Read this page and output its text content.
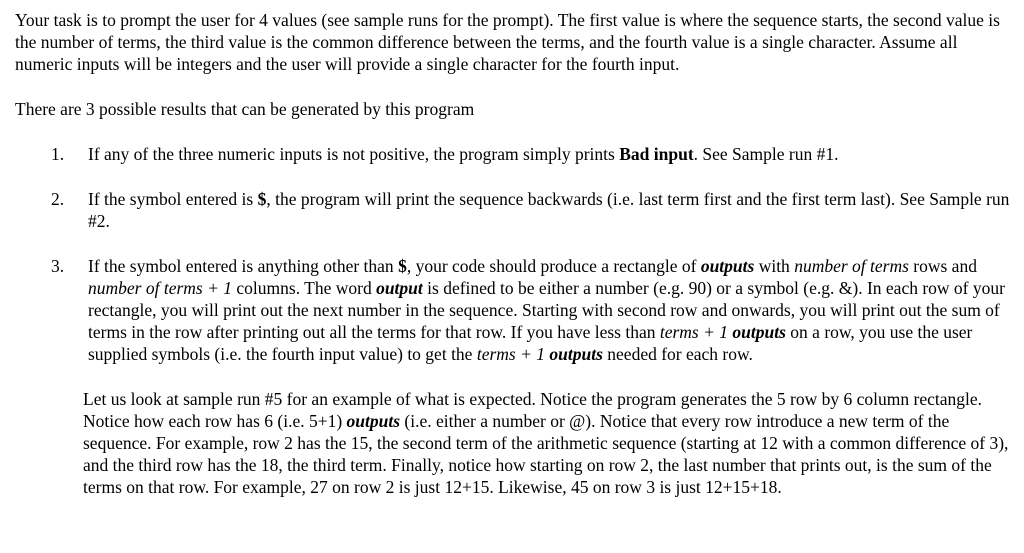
Your task is to prompt the user for 4 values (see sample runs for the prompt). The first value is where the sequence starts, the second value is the number of terms, the third value is the common difference between the terms, and the fourth value is a single character. Assume all numeric inputs will be integers and the user will provide a single character for the fourth input.

There are 3 possible results that can be generated by this program

1. If any of the three numeric inputs is not positive, the program simply prints Bad input. See Sample run #1.
2. If the symbol entered is $, the program will print the sequence backwards (i.e. last term first and the first term last). See Sample run #2.
3. If the symbol entered is anything other than $, your code should produce a rectangle of outputs with number of terms rows and number of terms + 1 columns. The word output is defined to be either a number (e.g. 90) or a symbol (e.g. &). In each row of your rectangle, you will print out the next number in the sequence. Starting with second row and onwards, you will print out the sum of terms in the row after printing out all the terms for that row. If you have less than terms + 1 outputs on a row, you use the user supplied symbols (i.e. the fourth input value) to get the terms + 1 outputs needed for each row.

Let us look at sample run #5 for an example of what is expected. Notice the program generates the 5 row by 6 column rectangle. Notice how each row has 6 (i.e. 5+1) outputs (i.e. either a number or @). Notice that every row introduce a new term of the sequence. For example, row 2 has the 15, the second term of the arithmetic sequence (starting at 12 with a common difference of 3), and the third row has the 18, the third term. Finally, notice how starting on row 2, the last number that prints out, is the sum of the terms on that row. For example, 27 on row 2 is just 12+15. Likewise, 45 on row 3 is just 12+15+18.
